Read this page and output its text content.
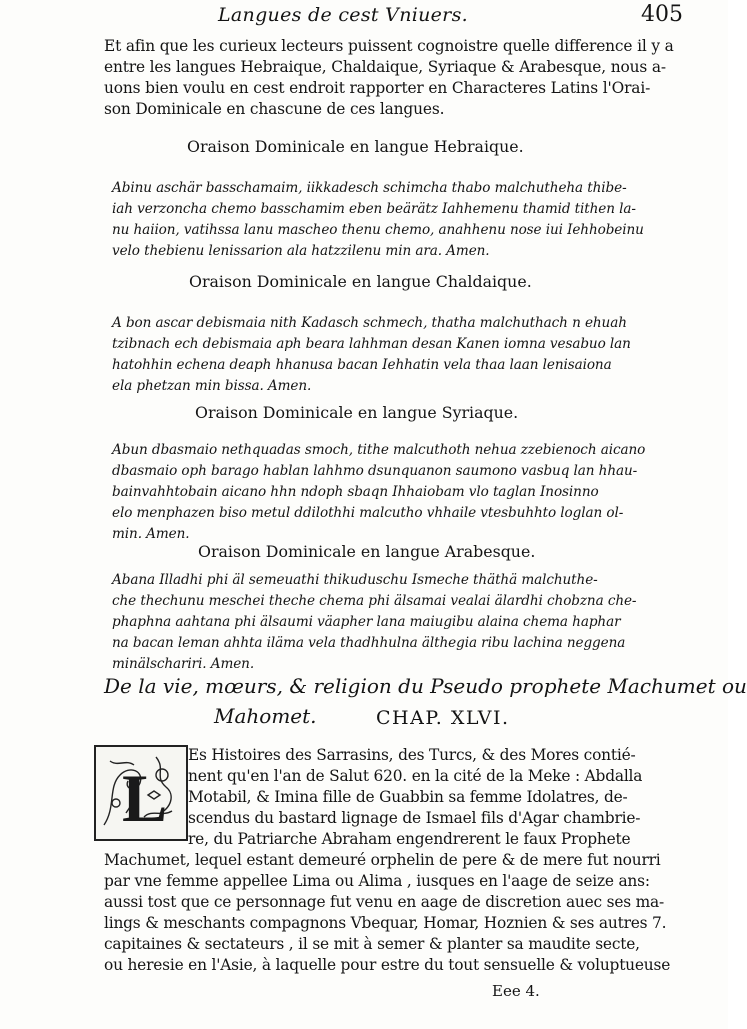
Langues de cest Vniuers.	405
Et afin que les curieux lecteurs puissent cognoistre quelle difference il y a
entre les langues Hebraique, Chaldaique, Syriaque & Arabesque, nous a-
uons bien voulu en cest endroit rapporter en Characteres Latins l'Orai-
son Dominicale en chascune de ces langues.
Oraison Dominicale en langue Hebraique.
Abinu aschär basschamaim, iikkadesch schimcha thabo malchutheha thibe-
iah verzoncha chemo basschamim eben beärätz Iahhemenu thamid tithen la-
nu haiion, vatihssa lanu mascheo thenu chemo, anahhenu nose iui Iehhobeinu
velo thebienu lenissarion ala hatzzilenu min ara. Amen.
Oraison Dominicale en langue Chaldaique.
A bon ascar debismaia nith Kadasch schmech, thatha malchuthach n ehuah
tzibnach ech debismaia aph beara lahhman desan Kanen iomna vesabuo lan
hatohhin echena deaph hhanusa bacan Iehhatin vela thaa laan lenisaiona
ela phetzan min bissa. Amen.
Oraison Dominicale en langue Syriaque.
Abun dbasmaio nethquadas smoch, tithe malcuthoth nehua zzebienoch aicano
dbasmaio oph barago hablan lahhmo dsunquanon saumono vasbuq lan hhau-
bainvahhtobain aicano hhn ndoph sbaqn Ihhaiobam vlo taglan Inosinno
elo menphazen biso metul ddilothhi malcutho vhhaile vtesbuhhto loglan ol-
min. Amen.
Oraison Dominicale en langue Arabesque.
Abana Illadhi phi äl semeuathi thikuduschu Ismeche thäthä malchuthe-
che thechunu meschei theche chema phi älsamai vealai älardhi chobzna che-
phaphna aahtana phi älsaumi väapher lana maiugibu alaina chema haphar
na bacan leman ahhta iläma vela thadhhulna älthegia ribu lachina neggena
minälschariri. Amen.
De la vie, mœurs, & religion du Pseudo prophete Machumet ou
Mahomet.	CHAP. XLVI.
L
Es Histoires des Sarrasins, des Turcs, & des Mores contié-
nent qu'en l'an de Salut 620. en la cité de la Meke : Abdalla
Motabil, & Imina fille de Guabbin sa femme Idolatres, de-
scendus du bastard lignage de Ismael fils d'Agar chambrie-
re, du Patriarche Abraham engendrerent le faux Prophete
Machumet, lequel estant demeuré orphelin de pere & de mere fut nourri
par vne femme appellee Lima ou Alima , iusques en l'aage de seize ans:
aussi tost que ce personnage fut venu en aage de discretion auec ses ma-
lings & meschants compagnons Vbequar, Homar, Hoznien & ses autres 7.
capitaines & sectateurs , il se mit à semer & planter sa maudite secte,
ou heresie en l'Asie, à laquelle pour estre du tout sensuelle & voluptueuse
Eee 4.
